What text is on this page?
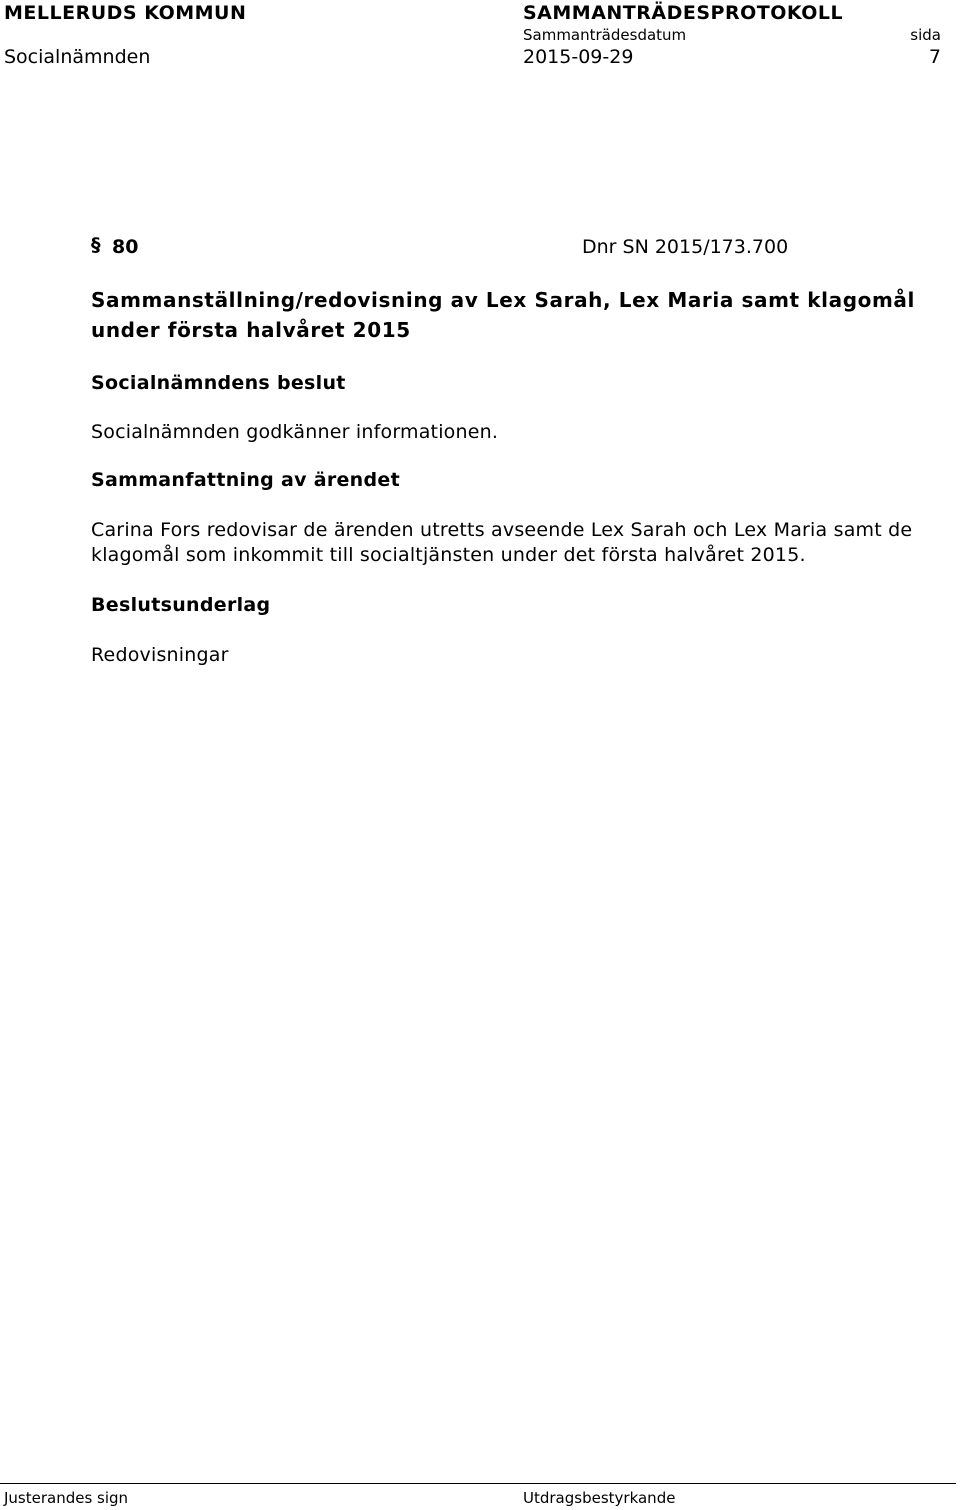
MELLERUDS KOMMUN	SAMMANTRÄDESPROTOKOLL
Socialnämnden
Sammanträdesdatum
2015-09-29
sida
7
§ 80	Dnr SN 2015/173.700
Sammanställning/redovisning av Lex Sarah, Lex Maria samt klagomål under första halvåret 2015
Socialnämndens beslut
Socialnämnden godkänner informationen.
Sammanfattning av ärendet
Carina Fors redovisar de ärenden utretts avseende Lex Sarah och Lex Maria samt de klagomål som inkommit till socialtjänsten under det första halvåret 2015.
Beslutsunderlag
Redovisningar
Justerandes sign	Utdragsbestyrkande
